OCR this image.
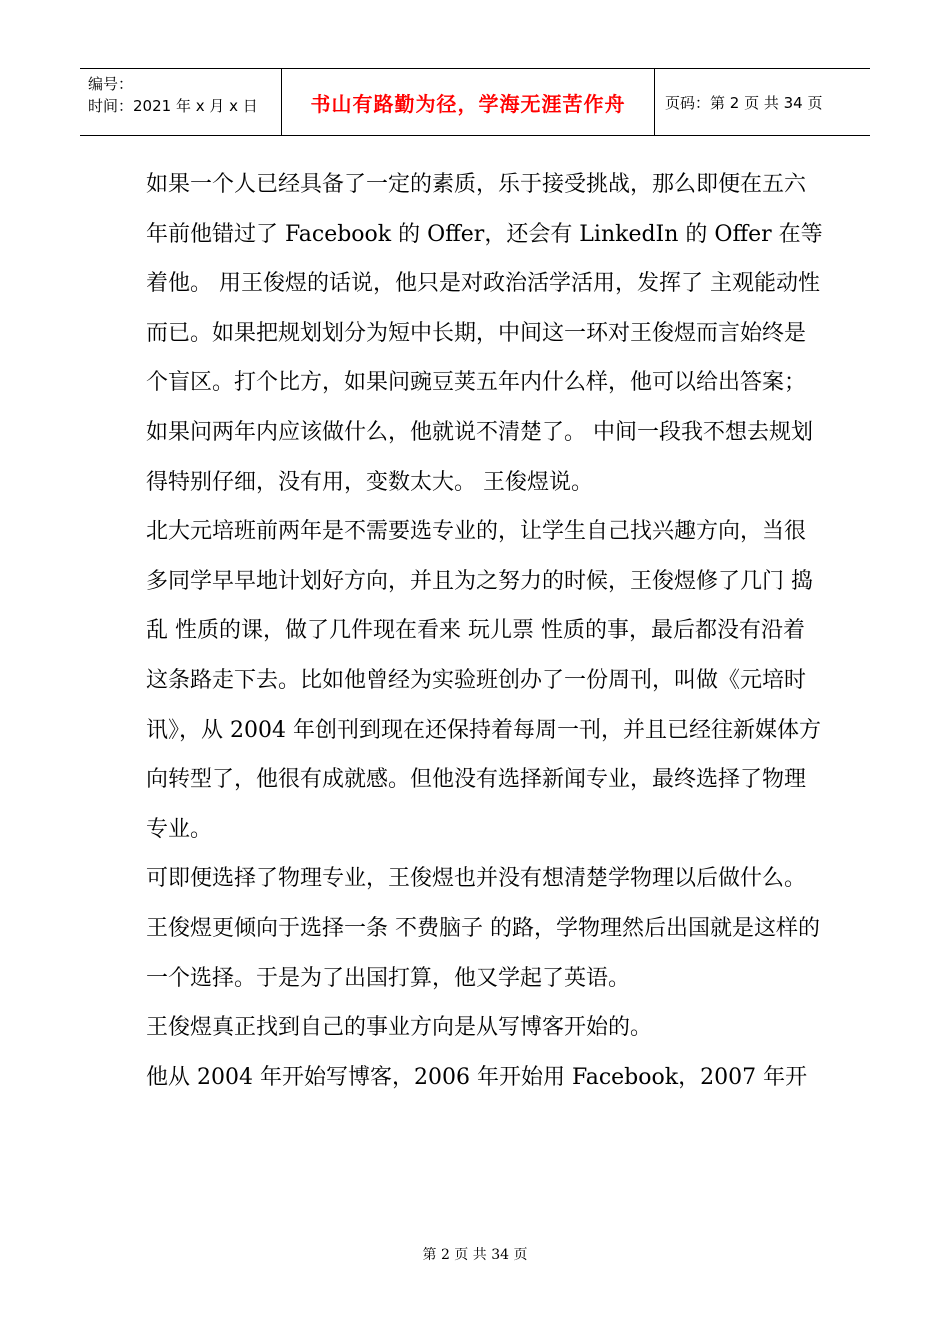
编号：
时间：2021 年 x 月 x 日	书山有路勤为径，学海无涯苦作舟	页码：第 2 页 共 34 页

如果一个人已经具备了一定的素质，乐于接受挑战，那么即便在五六年前他错过了 Facebook 的 Offer，还会有 LinkedIn 的 Offer 在等着他。 用王俊煜的话说，他只是对政治活学活用，发挥了 主观能动性 而已。如果把规划划分为短中长期，中间这一环对王俊煜而言始终是个盲区。打个比方，如果问豌豆荚五年内什么样，他可以给出答案；如果问两年内应该做什么，他就说不清楚了。 中间一段我不想去规划得特别仔细，没有用，变数太大。 王俊煜说。

北大元培班前两年是不需要选专业的，让学生自己找兴趣方向，当很多同学早早地计划好方向，并且为之努力的时候，王俊煜修了几门 捣乱 性质的课，做了几件现在看来 玩儿票 性质的事，最后都没有沿着这条路走下去。比如他曾经为实验班创办了一份周刊，叫做《元培时讯》，从 2004 年创刊到现在还保持着每周一刊，并且已经往新媒体方向转型了，他很有成就感。但他没有选择新闻专业，最终选择了物理专业。

可即便选择了物理专业，王俊煜也并没有想清楚学物理以后做什么。王俊煜更倾向于选择一条 不费脑子 的路，学物理然后出国就是这样的一个选择。于是为了出国打算，他又学起了英语。

王俊煜真正找到自己的事业方向是从写博客开始的。

他从 2004 年开始写博客，2006 年开始用 Facebook，2007 年开

第 2 页 共 34 页
